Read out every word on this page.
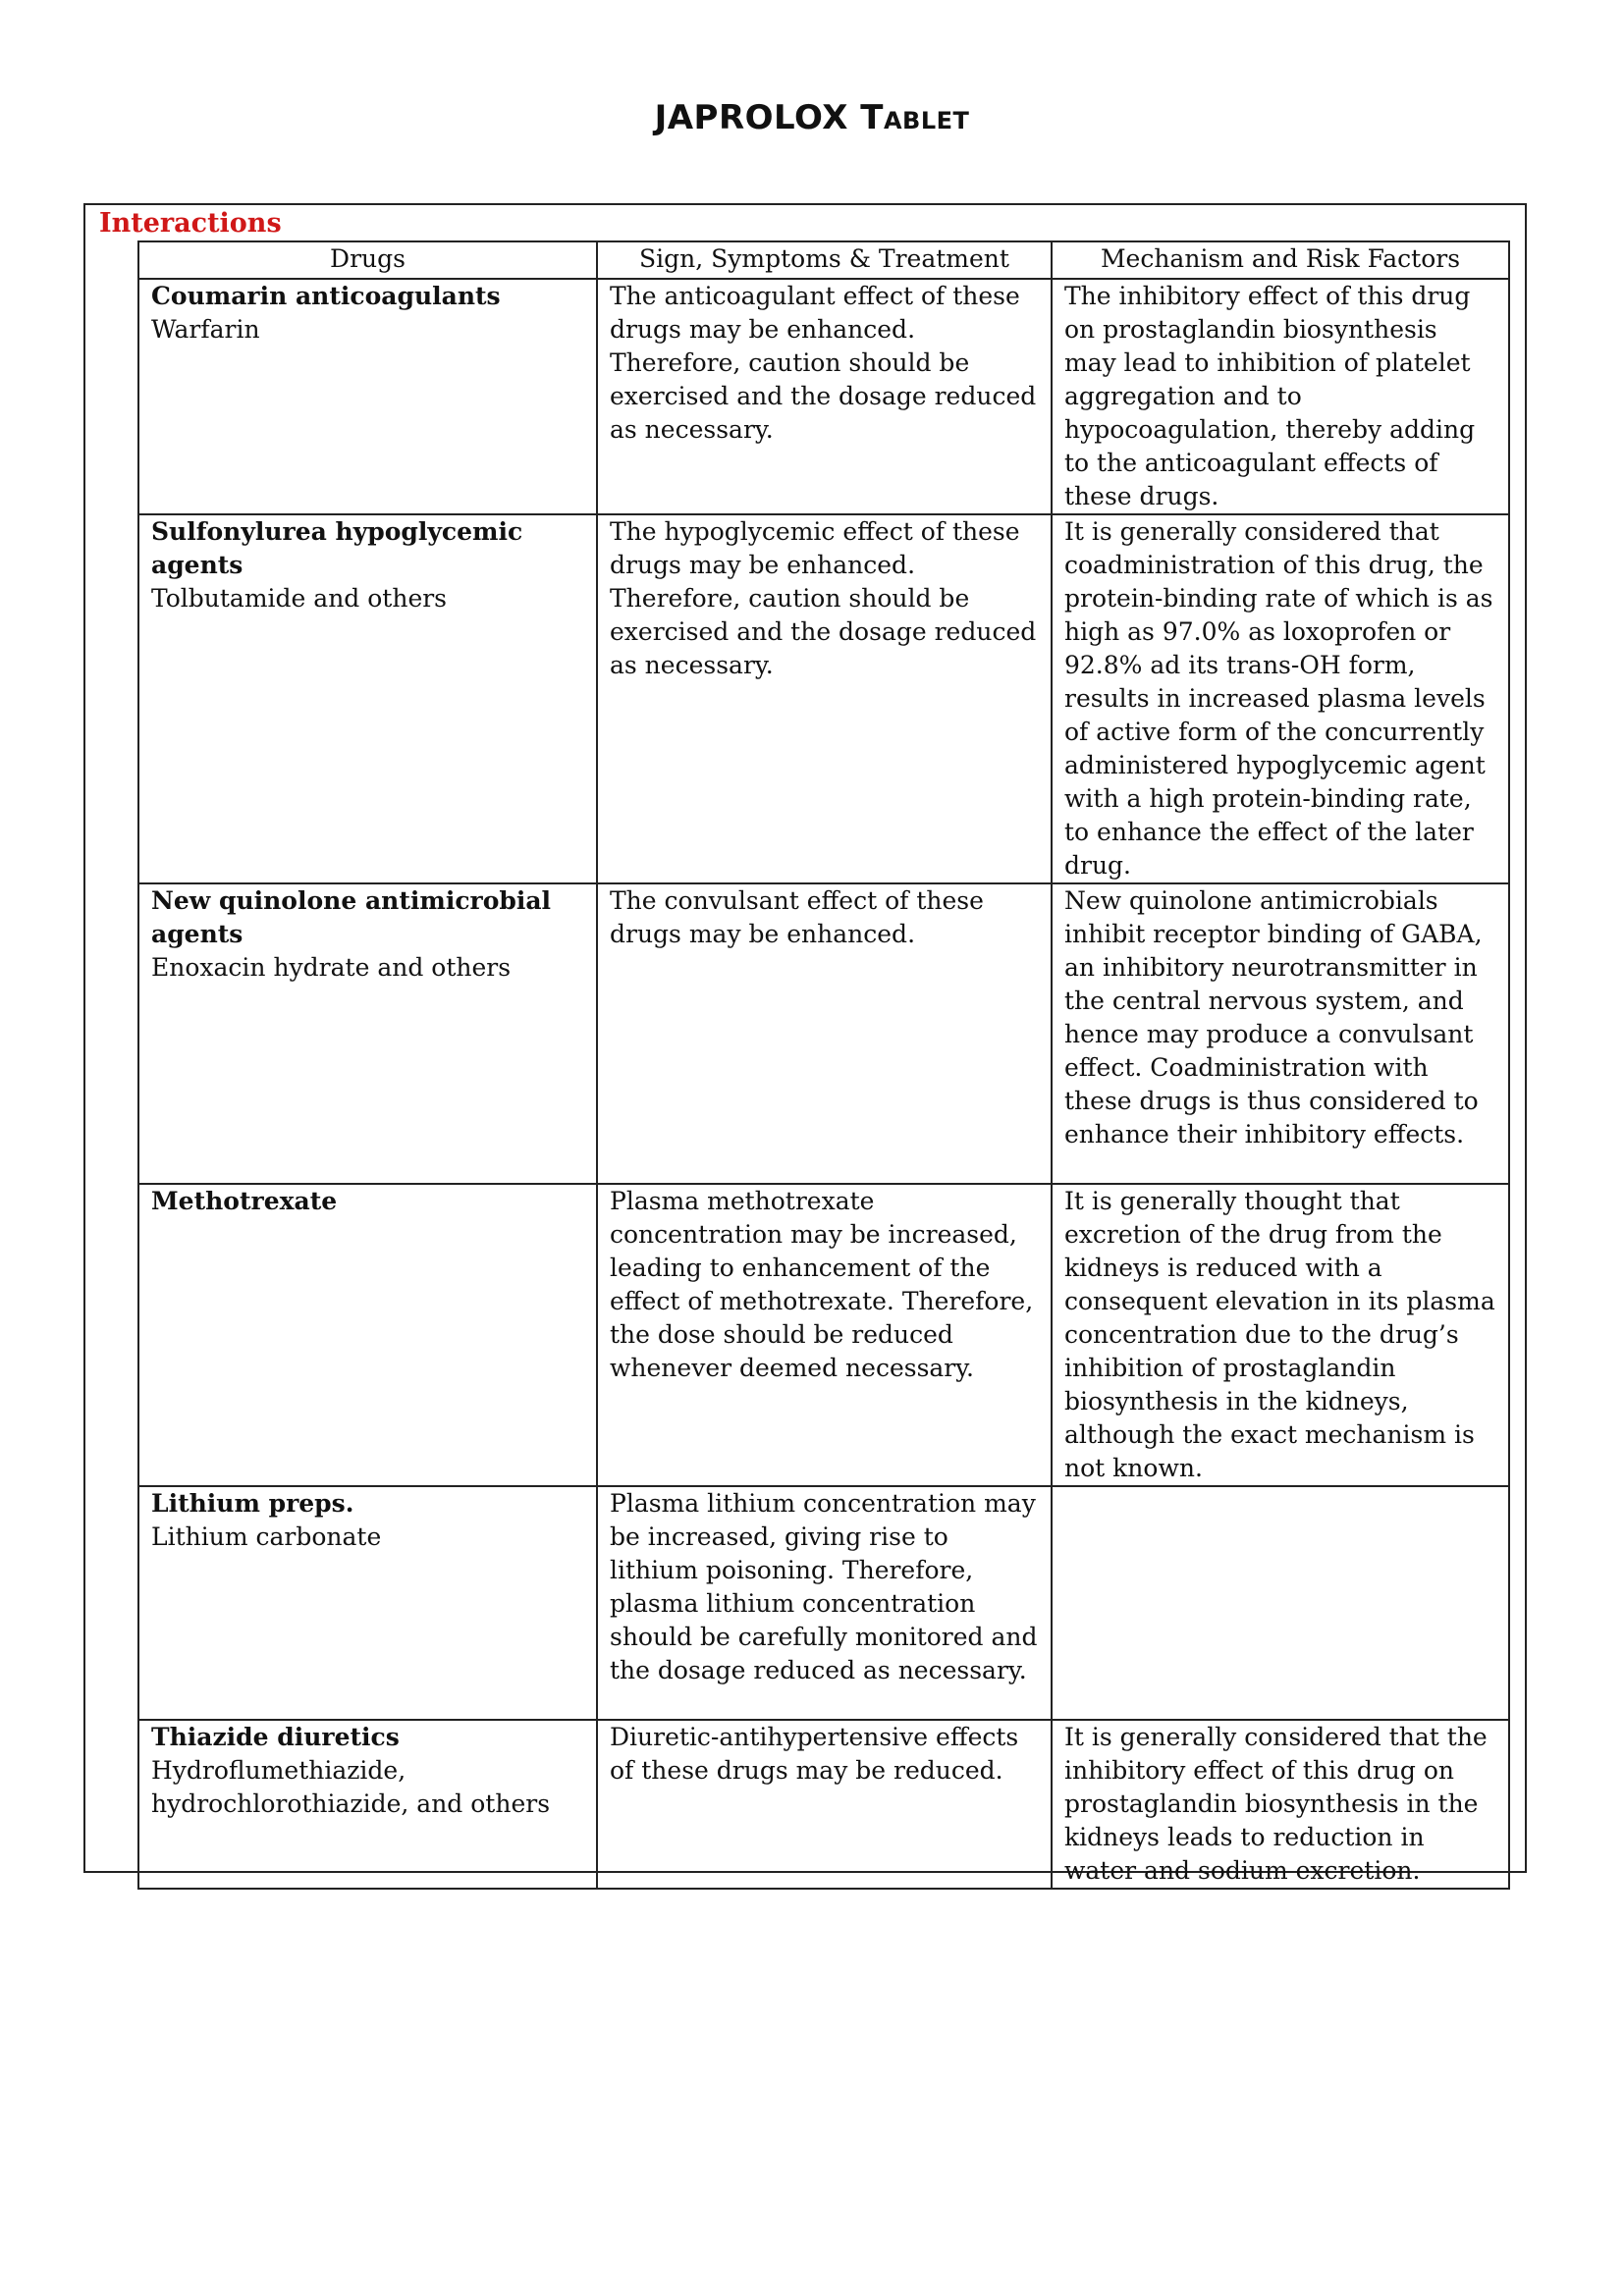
JAPROLOX Tablet
Interactions
Drugs	Sign, Symptoms & Treatment	Mechanism and Risk Factors

Coumarin anticoagulants
Warfarin	The anticoagulant effect of these drugs may be enhanced. Therefore, caution should be exercised and the dosage reduced as necessary.	The inhibitory effect of this drug on prostaglandin biosynthesis may lead to inhibition of platelet aggregation and to hypocoagulation, thereby adding to the anticoagulant effects of these drugs.

Sulfonylurea hypoglycemic agents
Tolbutamide and others	The hypoglycemic effect of these drugs may be enhanced. Therefore, caution should be exercised and the dosage reduced as necessary.	It is generally considered that coadministration of this drug, the protein-binding rate of which is as high as 97.0% as loxoprofen or 92.8% ad its trans-OH form, results in increased plasma levels of active form of the concurrently administered hypoglycemic agent with a high protein-binding rate, to enhance the effect of the later drug.

New quinolone antimicrobial agents
Enoxacin hydrate and others	The convulsant effect of these drugs may be enhanced.	New quinolone antimicrobials inhibit receptor binding of GABA, an inhibitory neurotransmitter in the central nervous system, and hence may produce a convulsant effect. Coadministration with these drugs is thus considered to enhance their inhibitory effects.

Methotrexate	Plasma methotrexate concentration may be increased, leading to enhancement of the effect of methotrexate. Therefore, the dose should be reduced whenever deemed necessary.	It is generally thought that excretion of the drug from the kidneys is reduced with a consequent elevation in its plasma concentration due to the drug’s inhibition of prostaglandin biosynthesis in the kidneys, although the exact mechanism is not known.

Lithium preps.
Lithium carbonate	Plasma lithium concentration may be increased, giving rise to lithium poisoning. Therefore, plasma lithium concentration should be carefully monitored and the dosage reduced as necessary.	

Thiazide diuretics
Hydroflumethiazide, hydrochlorothiazide, and others	Diuretic-antihypertensive effects of these drugs may be reduced.	It is generally considered that the inhibitory effect of this drug on prostaglandin biosynthesis in the kidneys leads to reduction in water and sodium excretion.
